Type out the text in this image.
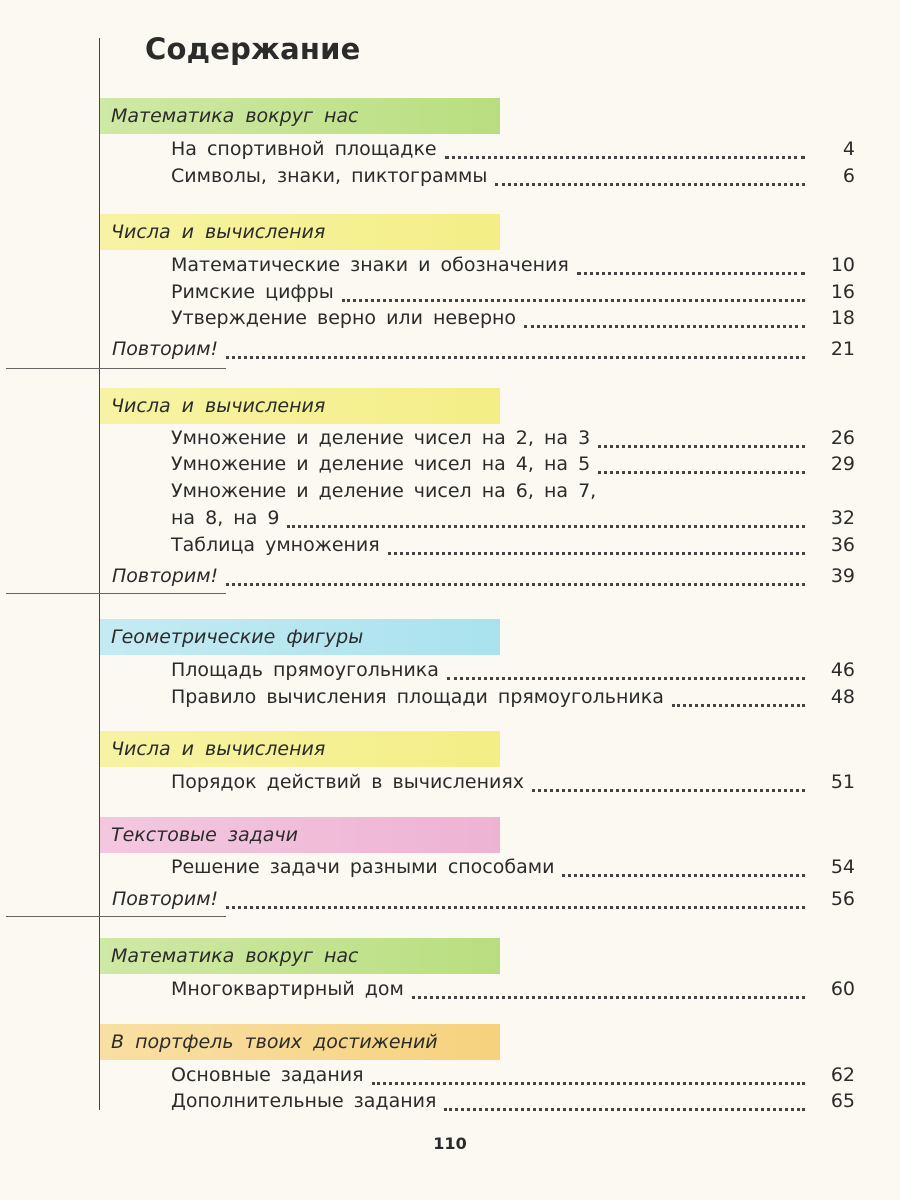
Содержание
Математика вокруг нас
На спортивной площадке	4
Символы, знаки, пиктограммы	6
Числа и вычисления
Математические знаки и обозначения	10
Римские цифры	16
Утверждение верно или неверно	18
Повторим!	21
Числа и вычисления
Умножение и деление чисел на 2, на 3	26
Умножение и деление чисел на 4, на 5	29
Умножение и деление чисел на 6, на 7,
на 8, на 9	32
Таблица умножения	36
Повторим!	39
Геометрические фигуры
Площадь прямоугольника	46
Правило вычисления площади прямоугольника	48
Числа и вычисления
Порядок действий в вычислениях	51
Текстовые задачи
Решение задачи разными способами	54
Повторим!	56
Математика вокруг нас
Многоквартирный дом	60
В портфель твоих достижений
Основные задания	62
Дополнительные задания	65
110
